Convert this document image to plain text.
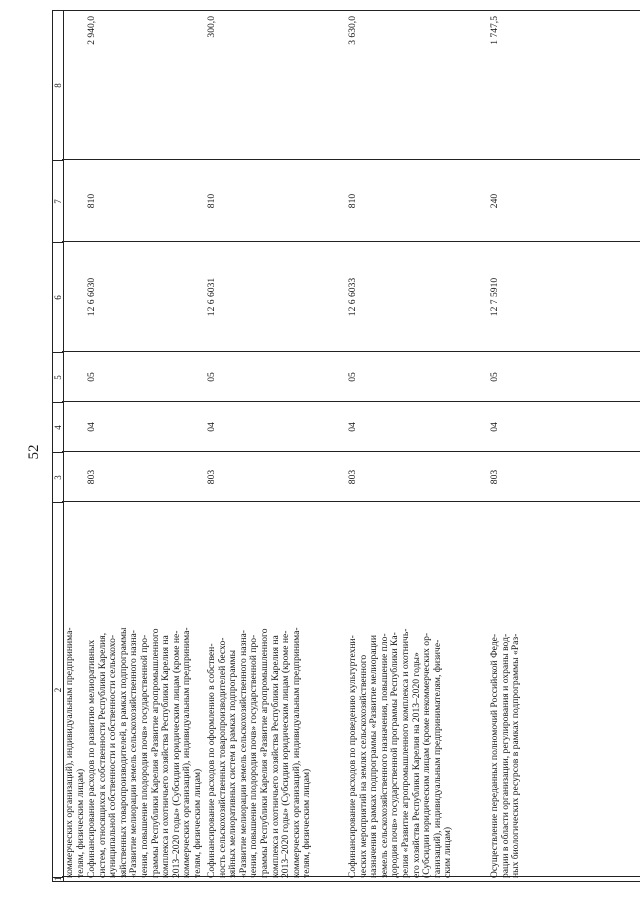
52
1
2
3
4
5
6
7
8
коммерческих организаций), индивидуальным предпринима-
телям, физическим лицам) Софинансирование расходов по развитию мелиоративных
систем, относящихся к собственности Республики Карелия,
муниципальной собственности и собственности сельскохо-
зяйственных товаропроизводителей, в рамках подпрограммы
«Развитие мелиорации земель сельскохозяйственного назна-
чения, повышение плодородия почв» государственной про-
граммы Республики Карелия «Развитие агропромышленного
комплекса и охотничьего хозяйства Республики Карелия на
2013–2020 годы» (Субсидии юридическим лицам (кроме не-
коммерческих организаций), индивидуальным предпринима-
телям, физическим лицам)
803
04
05
12 6 6030
810
2 940,0
Софинансирование расходов по оформлению в собствен-
ность сельскохозяйственных товаропроизводителей бесхо-
зяйных мелиоративных систем в рамках подпрограммы
«Развитие мелиорации земель сельскохозяйственного назна-
чения, повышение плодородия почв» государственной про-
граммы Республики Карелия «Развитие агропромышленного
комплекса и охотничьего хозяйства Республики Карелия на
2013–2020 годы» (Субсидии юридическим лицам (кроме не-
коммерческих организаций), индивидуальным предпринима-
телям, физическим лицам)
803
04
05
12 6 6031
810
300,0
Софинансирование расходов по проведению культуртехни-
ческих мероприятий на землях сельскохозяйственного
назначения в рамках подпрограммы «Развитие мелиорации
земель сельскохозяйственного назначения, повышение пло-
дородия почв» государственной программы Республики Ка-
релия «Развитие агропромышленного комплекса и охотничь-
его хозяйства Республики Карелия на 2013–2020 годы»
(Субсидии юридическим лицам (кроме некоммерческих ор-
ганизаций), индивидуальным предпринимателям, физиче-
ским лицам)
803
04
05
12 6 6033
810
3 630,0
Осуществление переданных полномочий Российской Феде-
рации в области организации, регулирования и охраны вод-
ных биологических ресурсов в рамках подпрограммы «Раз-
803
04
05
12 7 5910
240
1 747,5
